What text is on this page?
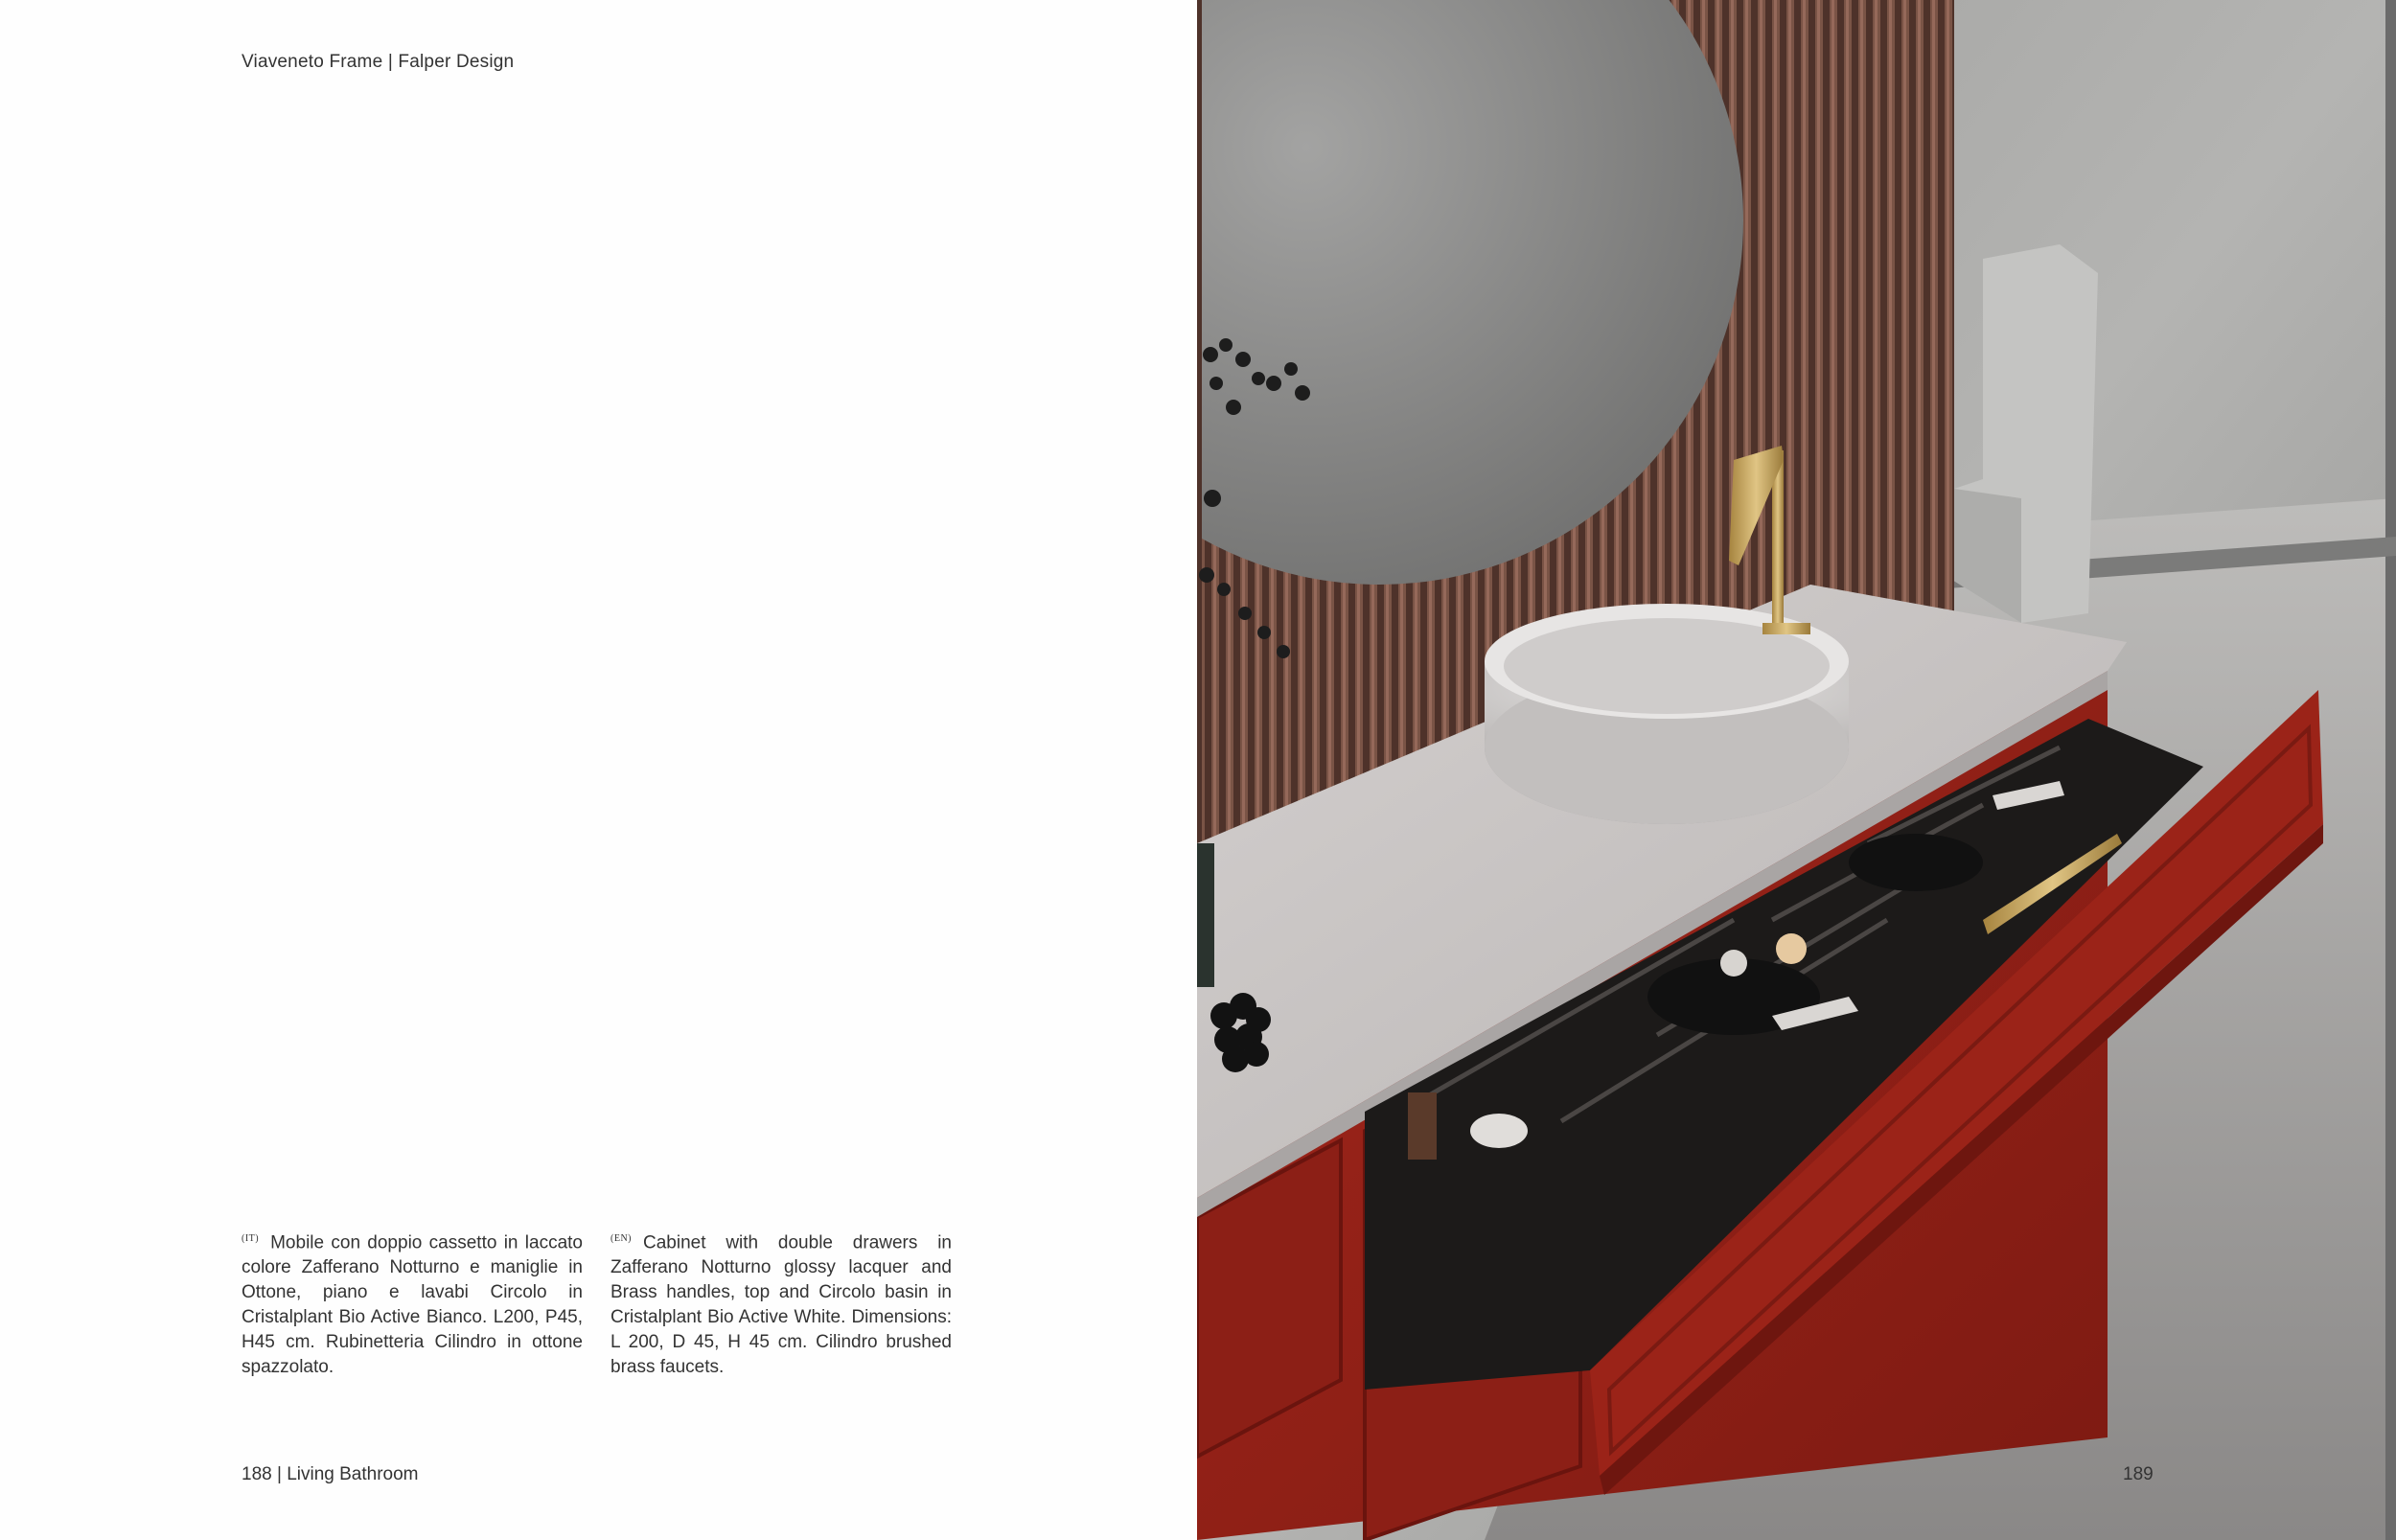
Viaveneto Frame | Falper Design
$^{(IT)}$ Mobile con doppio cassetto in laccato colore Zafferano Notturno e maniglie in Ottone, piano e lavabi Circolo in Cristalplant Bio Active Bianco. L200, P45, H45 cm. Rubinetteria Cilindro in ottone spazzolato.
$^{(EN)}$ Cabinet with double drawers in Zafferano Notturno glossy lacquer and Brass handles, top and Circolo basin in Cristalplant Bio Active White. Dimensions: L 200, D 45, H 45 cm. Cilindro brushed brass faucets.
188 | Living Bathroom	189
